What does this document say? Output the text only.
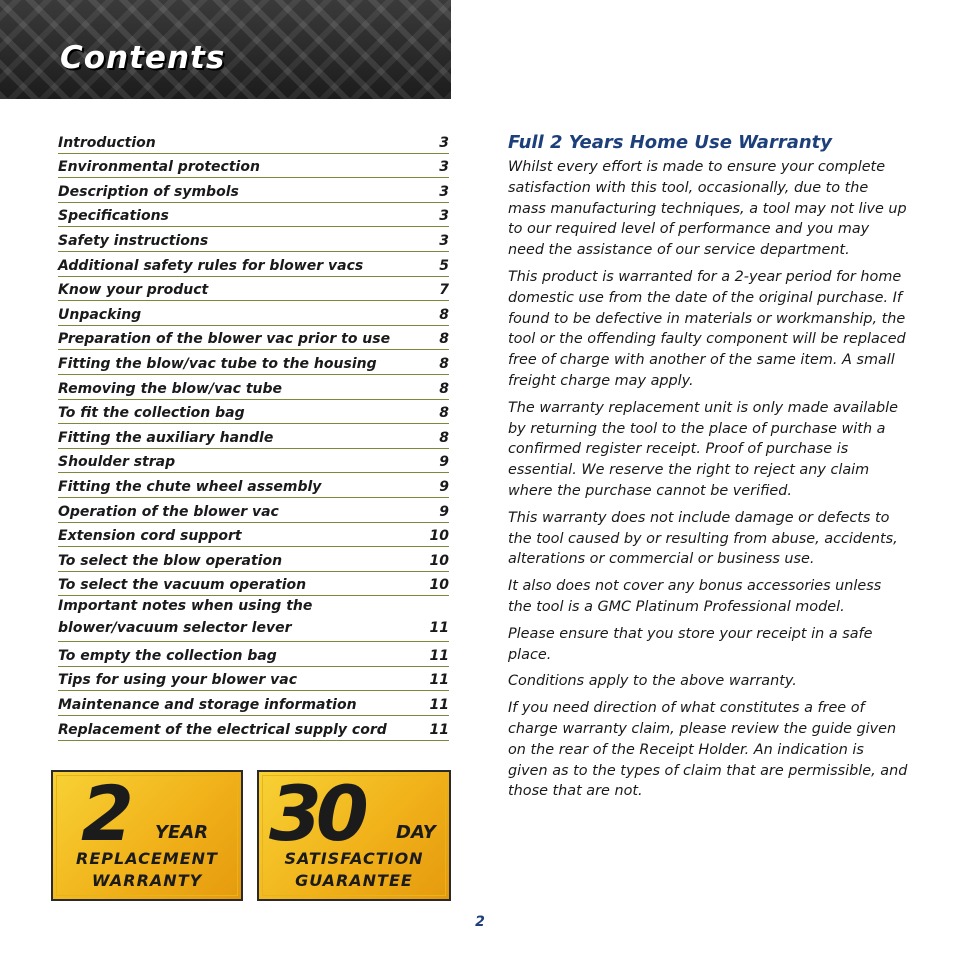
Contents
Introduction	3
Environmental protection	3
Description of symbols	3
Specifications	3
Safety instructions	3
Additional safety rules for blower vacs	5
Know your product	7
Unpacking	8
Preparation of the blower vac prior to use	8
Fitting the blow/vac tube to the housing	8
Removing the blow/vac tube	8
To fit the collection bag	8
Fitting the auxiliary handle	8
Shoulder strap	9
Fitting the chute wheel assembly	9
Operation of the blower vac	9
Extension cord support	10
To select the blow operation	10
To select the vacuum operation	10
Important notes when using the
blower/vacuum selector lever	11
To empty the collection bag	11
Tips for using your blower vac	11
Maintenance and storage information	11
Replacement of the electrical supply cord	11
2 YEAR
REPLACEMENT
WARRANTY
30 DAY
SATISFACTION
GUARANTEE
Full 2 Years Home Use Warranty

Whilst every effort is made to ensure your complete satisfaction with this tool, occasionally, due to the mass manufacturing techniques, a tool may not live up to our required level of performance and you may need the assistance of our service department.

This product is warranted for a 2-year period for home domestic use from the date of the original purchase. If found to be defective in materials or workmanship, the tool or the offending faulty component will be replaced free of charge with another of the same item. A small freight charge may apply.

The warranty replacement unit is only made available by returning the tool to the place of purchase with a confirmed register receipt. Proof of purchase is essential. We reserve the right to reject any claim where the purchase cannot be verified.

This warranty does not include damage or defects to the tool caused by or resulting from abuse, accidents, alterations or commercial or business use.

It also does not cover any bonus accessories unless the tool is a GMC Platinum Professional model.

Please ensure that you store your receipt in a safe place.

Conditions apply to the above warranty.

If you need direction of what constitutes a free of charge warranty claim, please review the guide given on the rear of the Receipt Holder. An indication is given as to the types of claim that are permissible, and those that are not.

2
